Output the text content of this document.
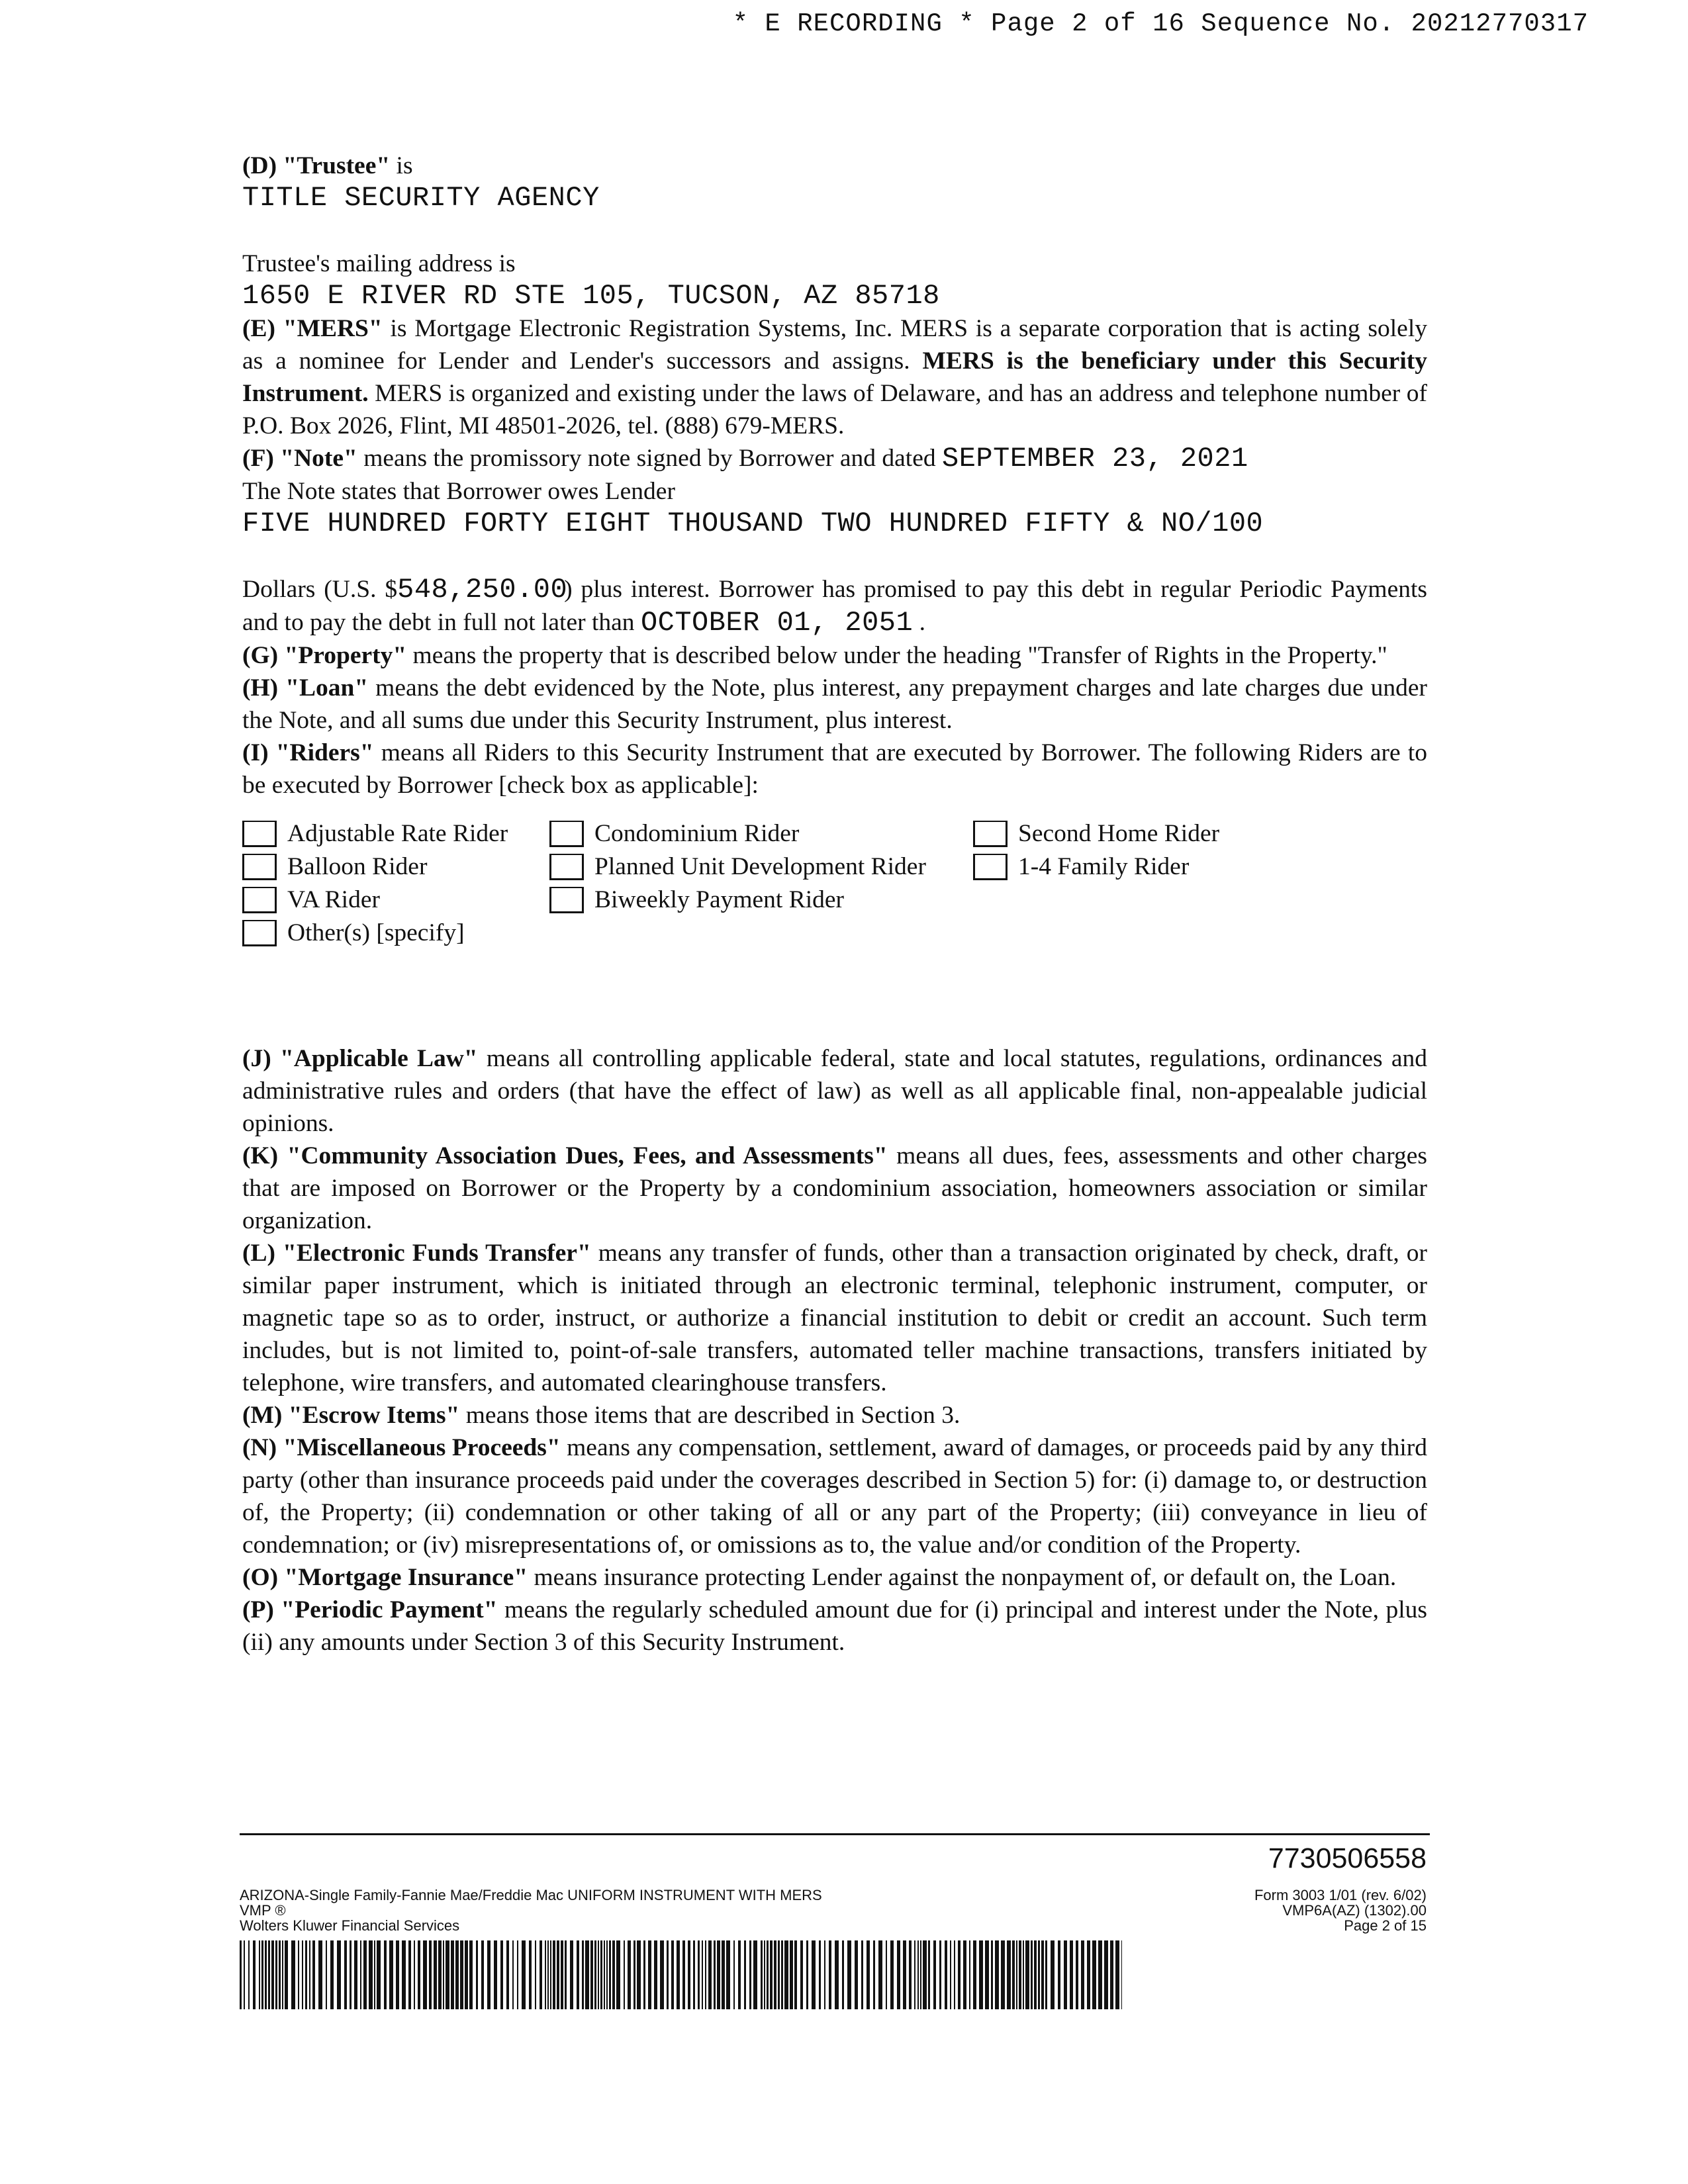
* E RECORDING * Page 2 of 16 Sequence No. 20212770317

(D) "Trustee" is

TITLE SECURITY AGENCY

Trustee's mailing address is

1650 E RIVER RD STE 105, TUCSON, AZ 85718

(E) "MERS" is Mortgage Electronic Registration Systems, Inc. MERS is a separate corporation that is acting solely as a nominee for Lender and Lender's successors and assigns. MERS is the beneficiary under this Security Instrument. MERS is organized and existing under the laws of Delaware, and has an address and telephone number of P.O. Box 2026, Flint, MI 48501-2026, tel. (888) 679-MERS.

(F) "Note" means the promissory note signed by Borrower and dated SEPTEMBER 23, 2021

The Note states that Borrower owes Lender

FIVE HUNDRED FORTY EIGHT THOUSAND TWO HUNDRED FIFTY & NO/100

Dollars (U.S. $548,250.00) plus interest. Borrower has promised to pay this debt in regular Periodic Payments and to pay the debt in full not later than OCTOBER 01, 2051 .

(G) "Property" means the property that is described below under the heading "Transfer of Rights in the Property."

(H) "Loan" means the debt evidenced by the Note, plus interest, any prepayment charges and late charges due under the Note, and all sums due under this Security Instrument, plus interest.

(I) "Riders" means all Riders to this Security Instrument that are executed by Borrower. The following Riders are to be executed by Borrower [check box as applicable]:

Adjustable Rate Rider	Condominium Rider	Second Home Rider
Balloon Rider	Planned Unit Development Rider	1-4 Family Rider
VA Rider	Biweekly Payment Rider
Other(s) [specify]

(J) "Applicable Law" means all controlling applicable federal, state and local statutes, regulations, ordinances and administrative rules and orders (that have the effect of law) as well as all applicable final, non-appealable judicial opinions.

(K) "Community Association Dues, Fees, and Assessments" means all dues, fees, assessments and other charges that are imposed on Borrower or the Property by a condominium association, homeowners association or similar organization.

(L) "Electronic Funds Transfer" means any transfer of funds, other than a transaction originated by check, draft, or similar paper instrument, which is initiated through an electronic terminal, telephonic instrument, computer, or magnetic tape so as to order, instruct, or authorize a financial institution to debit or credit an account. Such term includes, but is not limited to, point-of-sale transfers, automated teller machine transactions, transfers initiated by telephone, wire transfers, and automated clearinghouse transfers.

(M) "Escrow Items" means those items that are described in Section 3.

(N) "Miscellaneous Proceeds" means any compensation, settlement, award of damages, or proceeds paid by any third party (other than insurance proceeds paid under the coverages described in Section 5) for: (i) damage to, or destruction of, the Property; (ii) condemnation or other taking of all or any part of the Property; (iii) conveyance in lieu of condemnation; or (iv) misrepresentations of, or omissions as to, the value and/or condition of the Property.

(O) "Mortgage Insurance" means insurance protecting Lender against the nonpayment of, or default on, the Loan.

(P) "Periodic Payment" means the regularly scheduled amount due for (i) principal and interest under the Note, plus (ii) any amounts under Section 3 of this Security Instrument.

7730506558
ARIZONA-Single Family-Fannie Mae/Freddie Mac UNIFORM INSTRUMENT WITH MERS
VMP ®
Wolters Kluwer Financial Services
Form 3003 1/01 (rev. 6/02)
VMP6A(AZ) (1302).00
Page 2 of 15
